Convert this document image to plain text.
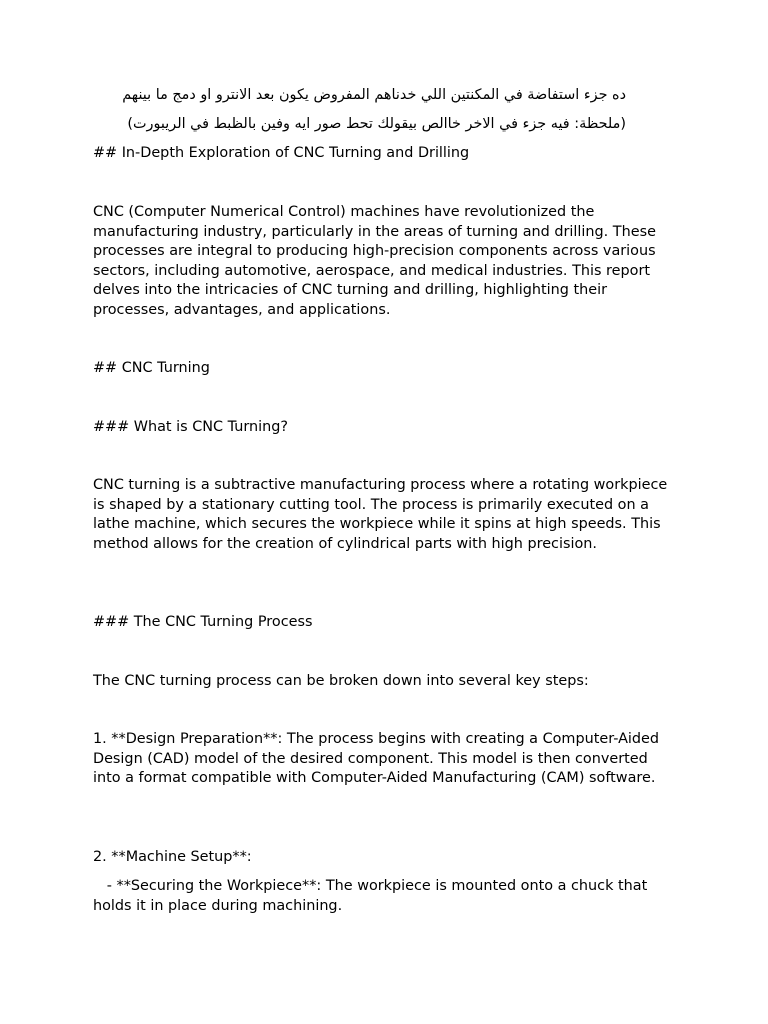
ده جزء استفاضة في المكنتين اللي خدناهم المفروض يكون بعد الانترو او دمج ما بينهم

(ملحظة: فيه جزء في الاخر خاالص بيقولك تحط صور ايه وفين بالظبط في الريبورت)

## In-Depth Exploration of CNC Turning and Drilling

CNC (Computer Numerical Control) machines have revolutionized the manufacturing industry, particularly in the areas of turning and drilling. These processes are integral to producing high-precision components across various sectors, including automotive, aerospace, and medical industries. This report delves into the intricacies of CNC turning and drilling, highlighting their processes, advantages, and applications.

## CNC Turning

### What is CNC Turning?

CNC turning is a subtractive manufacturing process where a rotating workpiece is shaped by a stationary cutting tool. The process is primarily executed on a lathe machine, which secures the workpiece while it spins at high speeds. This method allows for the creation of cylindrical parts with high precision.

### The CNC Turning Process

The CNC turning process can be broken down into several key steps:

1. **Design Preparation**: The process begins with creating a Computer-Aided Design (CAD) model of the desired component. This model is then converted into a format compatible with Computer-Aided Manufacturing (CAM) software.

2. **Machine Setup**:

- **Securing the Workpiece**: The workpiece is mounted onto a chuck that holds it in place during machining.
